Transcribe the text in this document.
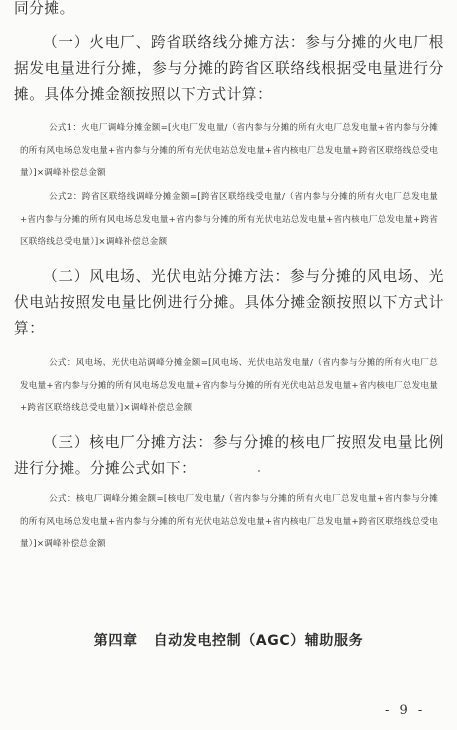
同分摊。

（一）火电厂、跨省联络线分摊方法：参与分摊的火电厂根据发电量进行分摊，参与分摊的跨省区联络线根据受电量进行分摊。具体分摊金额按照以下方式计算：

公式1：火电厂调峰分摊金额=[火电厂发电量/（省内参与分摊的所有火电厂总发电量+省内参与分摊的所有风电场总发电量+省内参与分摊的所有光伏电站总发电量+省内核电厂总发电量+跨省区联络线总受电量）]×调峰补偿总金额

公式2：跨省区联络线调峰分摊金额=[跨省区联络线受电量/（省内参与分摊的所有火电厂总发电量+省内参与分摊的所有风电场总发电量+省内参与分摊的所有光伏电站总发电量+省内核电厂总发电量+跨省区联络线总受电量）]×调峰补偿总金额

（二）风电场、光伏电站分摊方法：参与分摊的风电场、光伏电站按照发电量比例进行分摊。具体分摊金额按照以下方式计算：

公式：风电场、光伏电站调峰分摊金额=[风电场、光伏电站发电量/（省内参与分摊的所有火电厂总发电量+省内参与分摊的所有风电场总发电量+省内参与分摊的所有光伏电站总发电量+省内核电厂总发电量+跨省区联络线总受电量）]×调峰补偿总金额

（三）核电厂分摊方法：参与分摊的核电厂按照发电量比例进行分摊。分摊公式如下：

公式：核电厂调峰分摊金额=[核电厂发电量/（省内参与分摊的所有火电厂总发电量+省内参与分摊的所有风电场总发电量+省内参与分摊的所有光伏电站总发电量+省内核电厂总发电量+跨省区联络线总受电量）]×调峰补偿总金额

第四章 自动发电控制（AGC）辅助服务
- 9 -
